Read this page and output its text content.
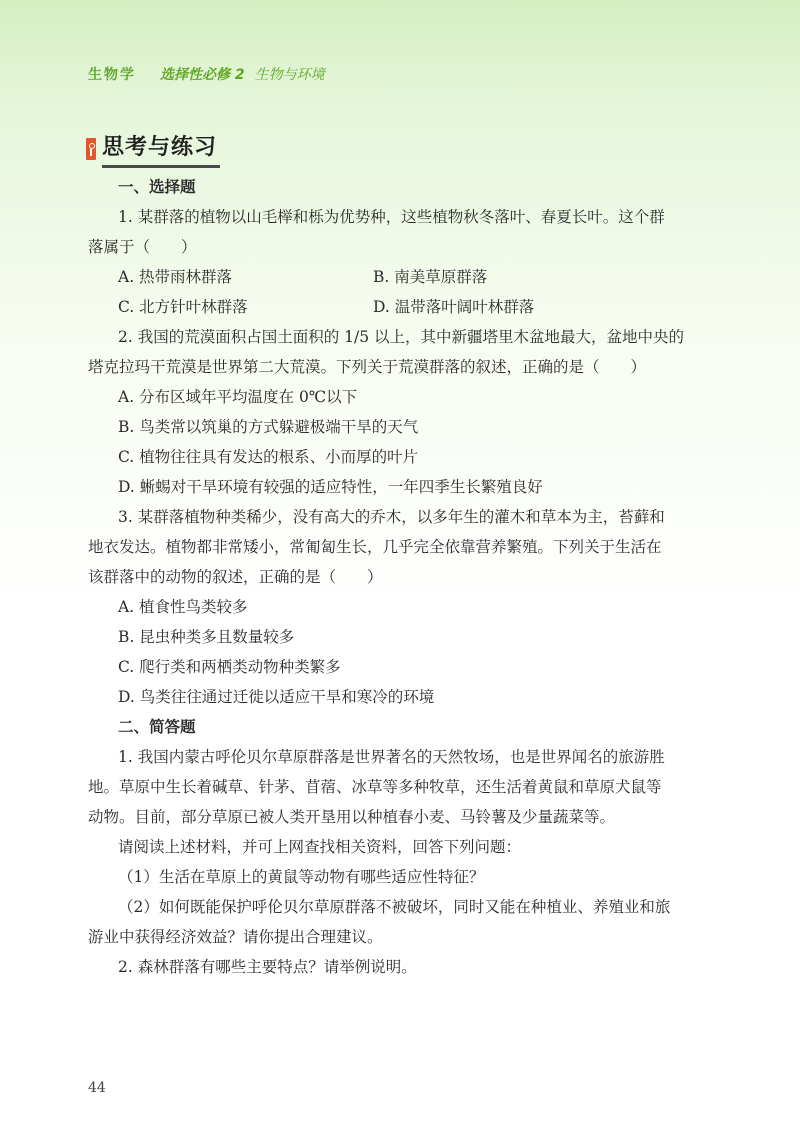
生物学 选择性必修 2 生物与环境
思考与练习
一、选择题
1. 某群落的植物以山毛榉和栎为优势种，这些植物秋冬落叶、春夏长叶。这个群
落属于（　　）
A. 热带雨林群落	B. 南美草原群落
C. 北方针叶林群落	D. 温带落叶阔叶林群落
2. 我国的荒漠面积占国土面积的 1/5 以上，其中新疆塔里木盆地最大，盆地中央的
塔克拉玛干荒漠是世界第二大荒漠。下列关于荒漠群落的叙述，正确的是（　　）
A. 分布区域年平均温度在 0℃以下
B. 鸟类常以筑巢的方式躲避极端干旱的天气
C. 植物往往具有发达的根系、小而厚的叶片
D. 蜥蜴对干旱环境有较强的适应特性，一年四季生长繁殖良好
3. 某群落植物种类稀少，没有高大的乔木，以多年生的灌木和草本为主，苔藓和
地衣发达。植物都非常矮小，常匍匐生长，几乎完全依靠营养繁殖。下列关于生活在
该群落中的动物的叙述，正确的是（　　）
A. 植食性鸟类较多
B. 昆虫种类多且数量较多
C. 爬行类和两栖类动物种类繁多
D. 鸟类往往通过迁徙以适应干旱和寒冷的环境
二、简答题
1. 我国内蒙古呼伦贝尔草原群落是世界著名的天然牧场，也是世界闻名的旅游胜
地。草原中生长着碱草、针茅、苜蓿、冰草等多种牧草，还生活着黄鼠和草原犬鼠等
动物。目前，部分草原已被人类开垦用以种植春小麦、马铃薯及少量蔬菜等。
请阅读上述材料，并可上网查找相关资料，回答下列问题：
（1）生活在草原上的黄鼠等动物有哪些适应性特征？
（2）如何既能保护呼伦贝尔草原群落不被破坏，同时又能在种植业、养殖业和旅
游业中获得经济效益？请你提出合理建议。
2. 森林群落有哪些主要特点？请举例说明。
44
